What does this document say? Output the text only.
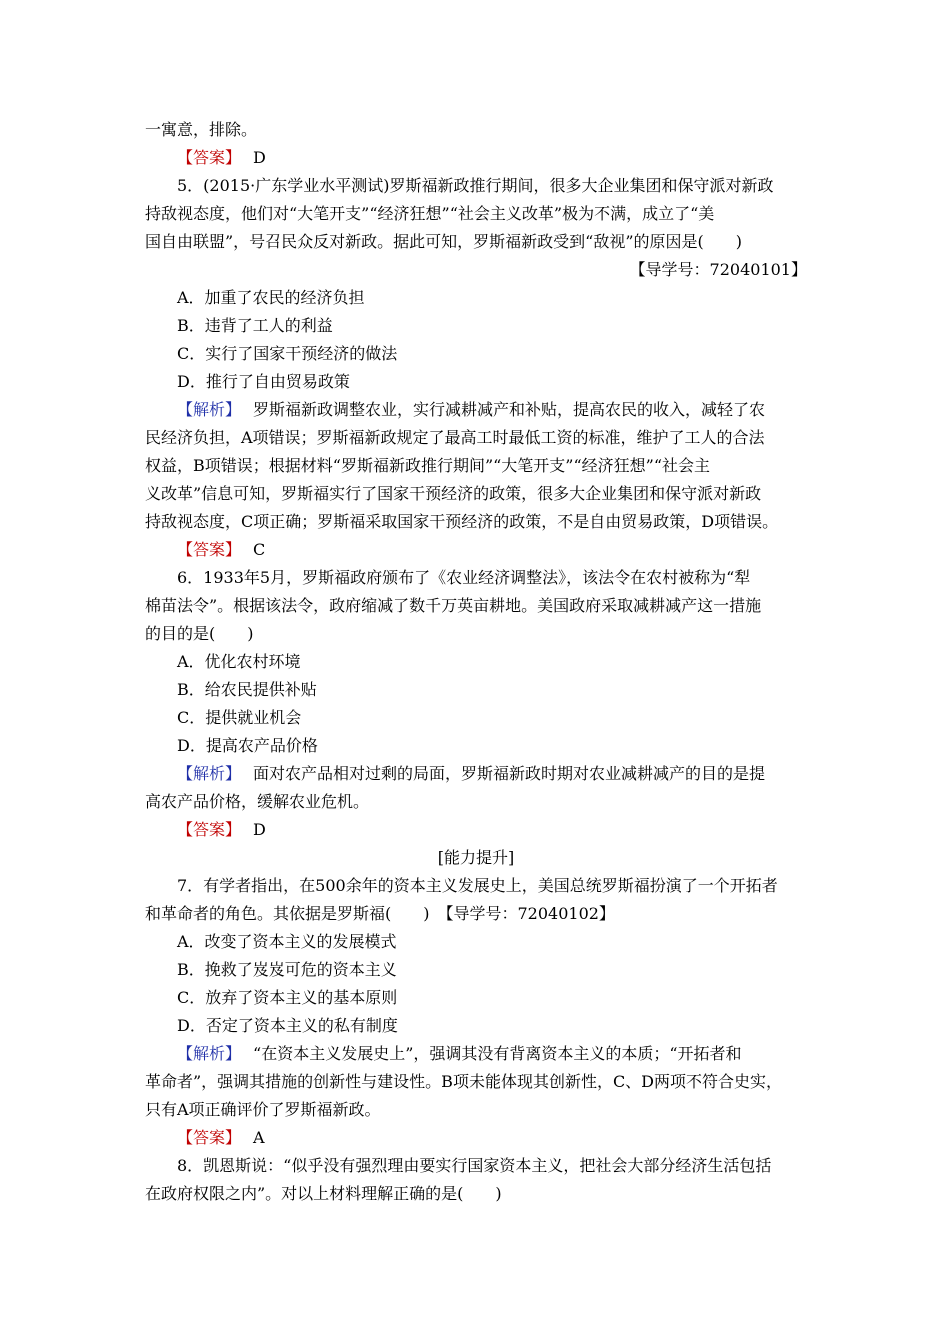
一寓意，排除。
【答案】 D
5．(2015·广东学业水平测试)罗斯福新政推行期间，很多大企业集团和保守派对新政
持敌视态度，他们对“大笔开支”“经济狂想”“社会主义改革”极为不满，成立了“美
国自由联盟”，号召民众反对新政。据此可知，罗斯福新政受到“敌视”的原因是(　　)
【导学号：72040101】
A．加重了农民的经济负担
B．违背了工人的利益
C．实行了国家干预经济的做法
D．推行了自由贸易政策
【解析】 罗斯福新政调整农业，实行减耕减产和补贴，提高农民的收入，减轻了农
民经济负担，A项错误；罗斯福新政规定了最高工时最低工资的标准，维护了工人的合法
权益，B项错误；根据材料“罗斯福新政推行期间”“大笔开支”“经济狂想”“社会主
义改革”信息可知，罗斯福实行了国家干预经济的政策，很多大企业集团和保守派对新政
持敌视态度，C项正确；罗斯福采取国家干预经济的政策，不是自由贸易政策，D项错误。
【答案】 C
6．1933年5月，罗斯福政府颁布了《农业经济调整法》，该法令在农村被称为“犁
棉苗法令”。根据该法令，政府缩减了数千万英亩耕地。美国政府采取减耕减产这一措施
的目的是(　　)
A．优化农村环境
B．给农民提供补贴
C．提供就业机会
D．提高农产品价格
【解析】 面对农产品相对过剩的局面，罗斯福新政时期对农业减耕减产的目的是提
高农产品价格，缓解农业危机。
【答案】 D
[能力提升]
7．有学者指出，在500余年的资本主义发展史上，美国总统罗斯福扮演了一个开拓者
和革命者的角色。其依据是罗斯福(　　)　【导学号：72040102】
A．改变了资本主义的发展模式
B．挽救了岌岌可危的资本主义
C．放弃了资本主义的基本原则
D．否定了资本主义的私有制度
【解析】 “在资本主义发展史上”，强调其没有背离资本主义的本质；“开拓者和
革命者”，强调其措施的创新性与建设性。B项未能体现其创新性，C、D两项不符合史实，
只有A项正确评价了罗斯福新政。
【答案】 A
8．凯恩斯说：“似乎没有强烈理由要实行国家资本主义，把社会大部分经济生活包括
在政府权限之内”。对以上材料理解正确的是(　　)
